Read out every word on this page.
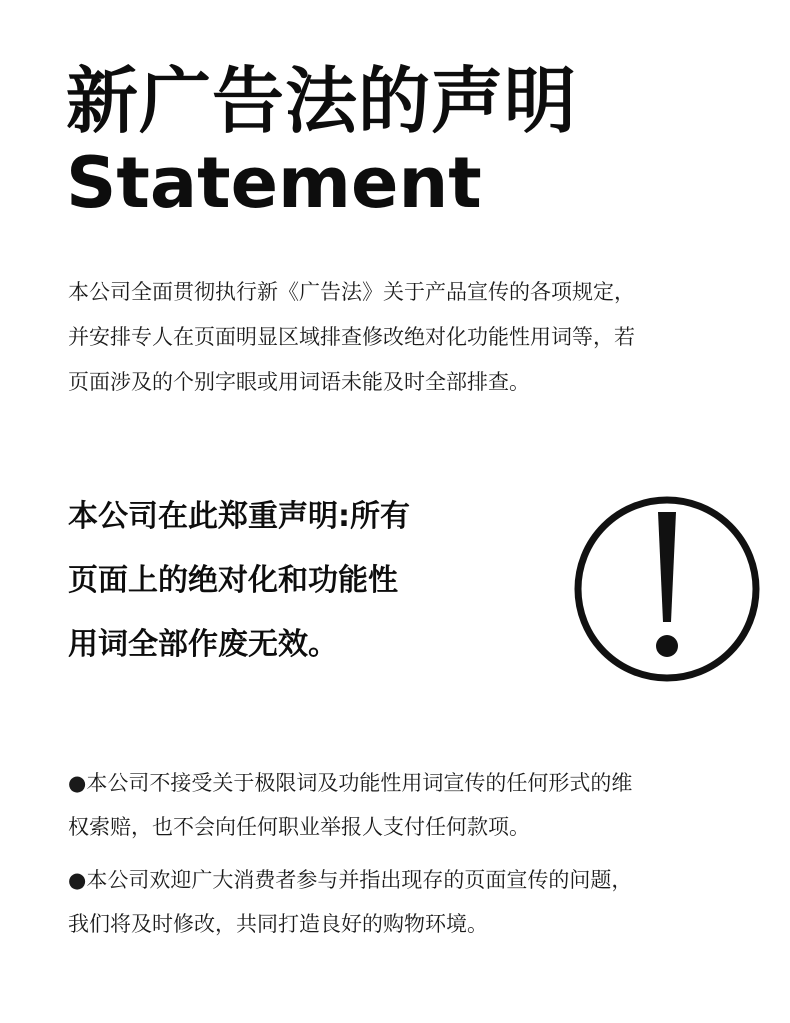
新广告法的声明
Statement
本公司全面贯彻执行新《广告法》关于产品宣传的各项规定，
并安排专人在页面明显区域排查修改绝对化功能性用词等，若
页面涉及的个别字眼或用词语未能及时全部排查。
本公司在此郑重声明:所有
页面上的绝对化和功能性
用词全部作废无效。
●本公司不接受关于极限词及功能性用词宣传的任何形式的维
权索赔，也不会向任何职业举报人支付任何款项。
●本公司欢迎广大消费者参与并指出现存的页面宣传的问题，
我们将及时修改，共同打造良好的购物环境。
